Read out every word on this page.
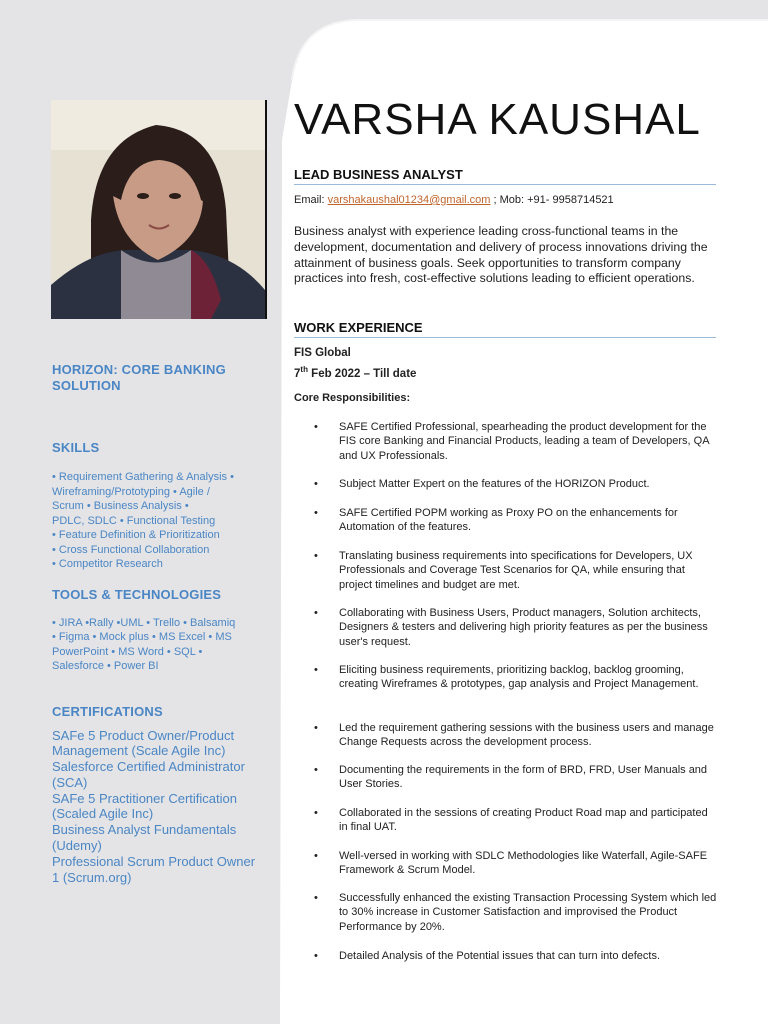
HORIZON: CORE BANKING SOLUTION
SKILLS
• Requirement Gathering & Analysis •
Wireframing/Prototyping • Agile /
Scrum • Business Analysis •
PDLC, SDLC • Functional Testing
• Feature Definition & Prioritization
• Cross Functional Collaboration
• Competitor Research
TOOLS & TECHNOLOGIES
• JIRA •Rally •UML • Trello • Balsamiq
• Figma • Mock plus • MS Excel • MS
PowerPoint • MS Word • SQL •
Salesforce • Power BI
CERTIFICATIONS
SAFe 5 Product Owner/Product Management (Scale Agile Inc)
Salesforce Certified Administrator (SCA)
SAFe 5 Practitioner Certification (Scaled Agile Inc)
Business Analyst Fundamentals (Udemy)
Professional Scrum Product Owner 1 (Scrum.org)
VARSHA KAUSHAL
LEAD BUSINESS ANALYST
Email: varshakaushal01234@gmail.com ; Mob: +91- 9958714521
Business analyst with experience leading cross-functional teams in the development, documentation and delivery of process innovations driving the attainment of business goals. Seek opportunities to transform company practices into fresh, cost-effective solutions leading to efficient operations.
WORK EXPERIENCE
FIS Global
7th Feb 2022 – Till date
Core Responsibilities:
• SAFE Certified Professional, spearheading the product development for the FIS core Banking and Financial Products, leading a team of Developers, QA and UX Professionals.
• Subject Matter Expert on the features of the HORIZON Product.
• SAFE Certified POPM working as Proxy PO on the enhancements for Automation of the features.
• Translating business requirements into specifications for Developers, UX Professionals and Coverage Test Scenarios for QA, while ensuring that project timelines and budget are met.
• Collaborating with Business Users, Product managers, Solution architects, Designers & testers and delivering high priority features as per the business user's request.
• Eliciting business requirements, prioritizing backlog, backlog grooming, creating Wireframes & prototypes, gap analysis and Project Management.
• Led the requirement gathering sessions with the business users and manage Change Requests across the development process.
• Documenting the requirements in the form of BRD, FRD, User Manuals and User Stories.
• Collaborated in the sessions of creating Product Road map and participated in final UAT.
• Well-versed in working with SDLC Methodologies like Waterfall, Agile-SAFE Framework & Scrum Model.
• Successfully enhanced the existing Transaction Processing System which led to 30% increase in Customer Satisfaction and improvised the Product Performance by 20%.
• Detailed Analysis of the Potential issues that can turn into defects.
